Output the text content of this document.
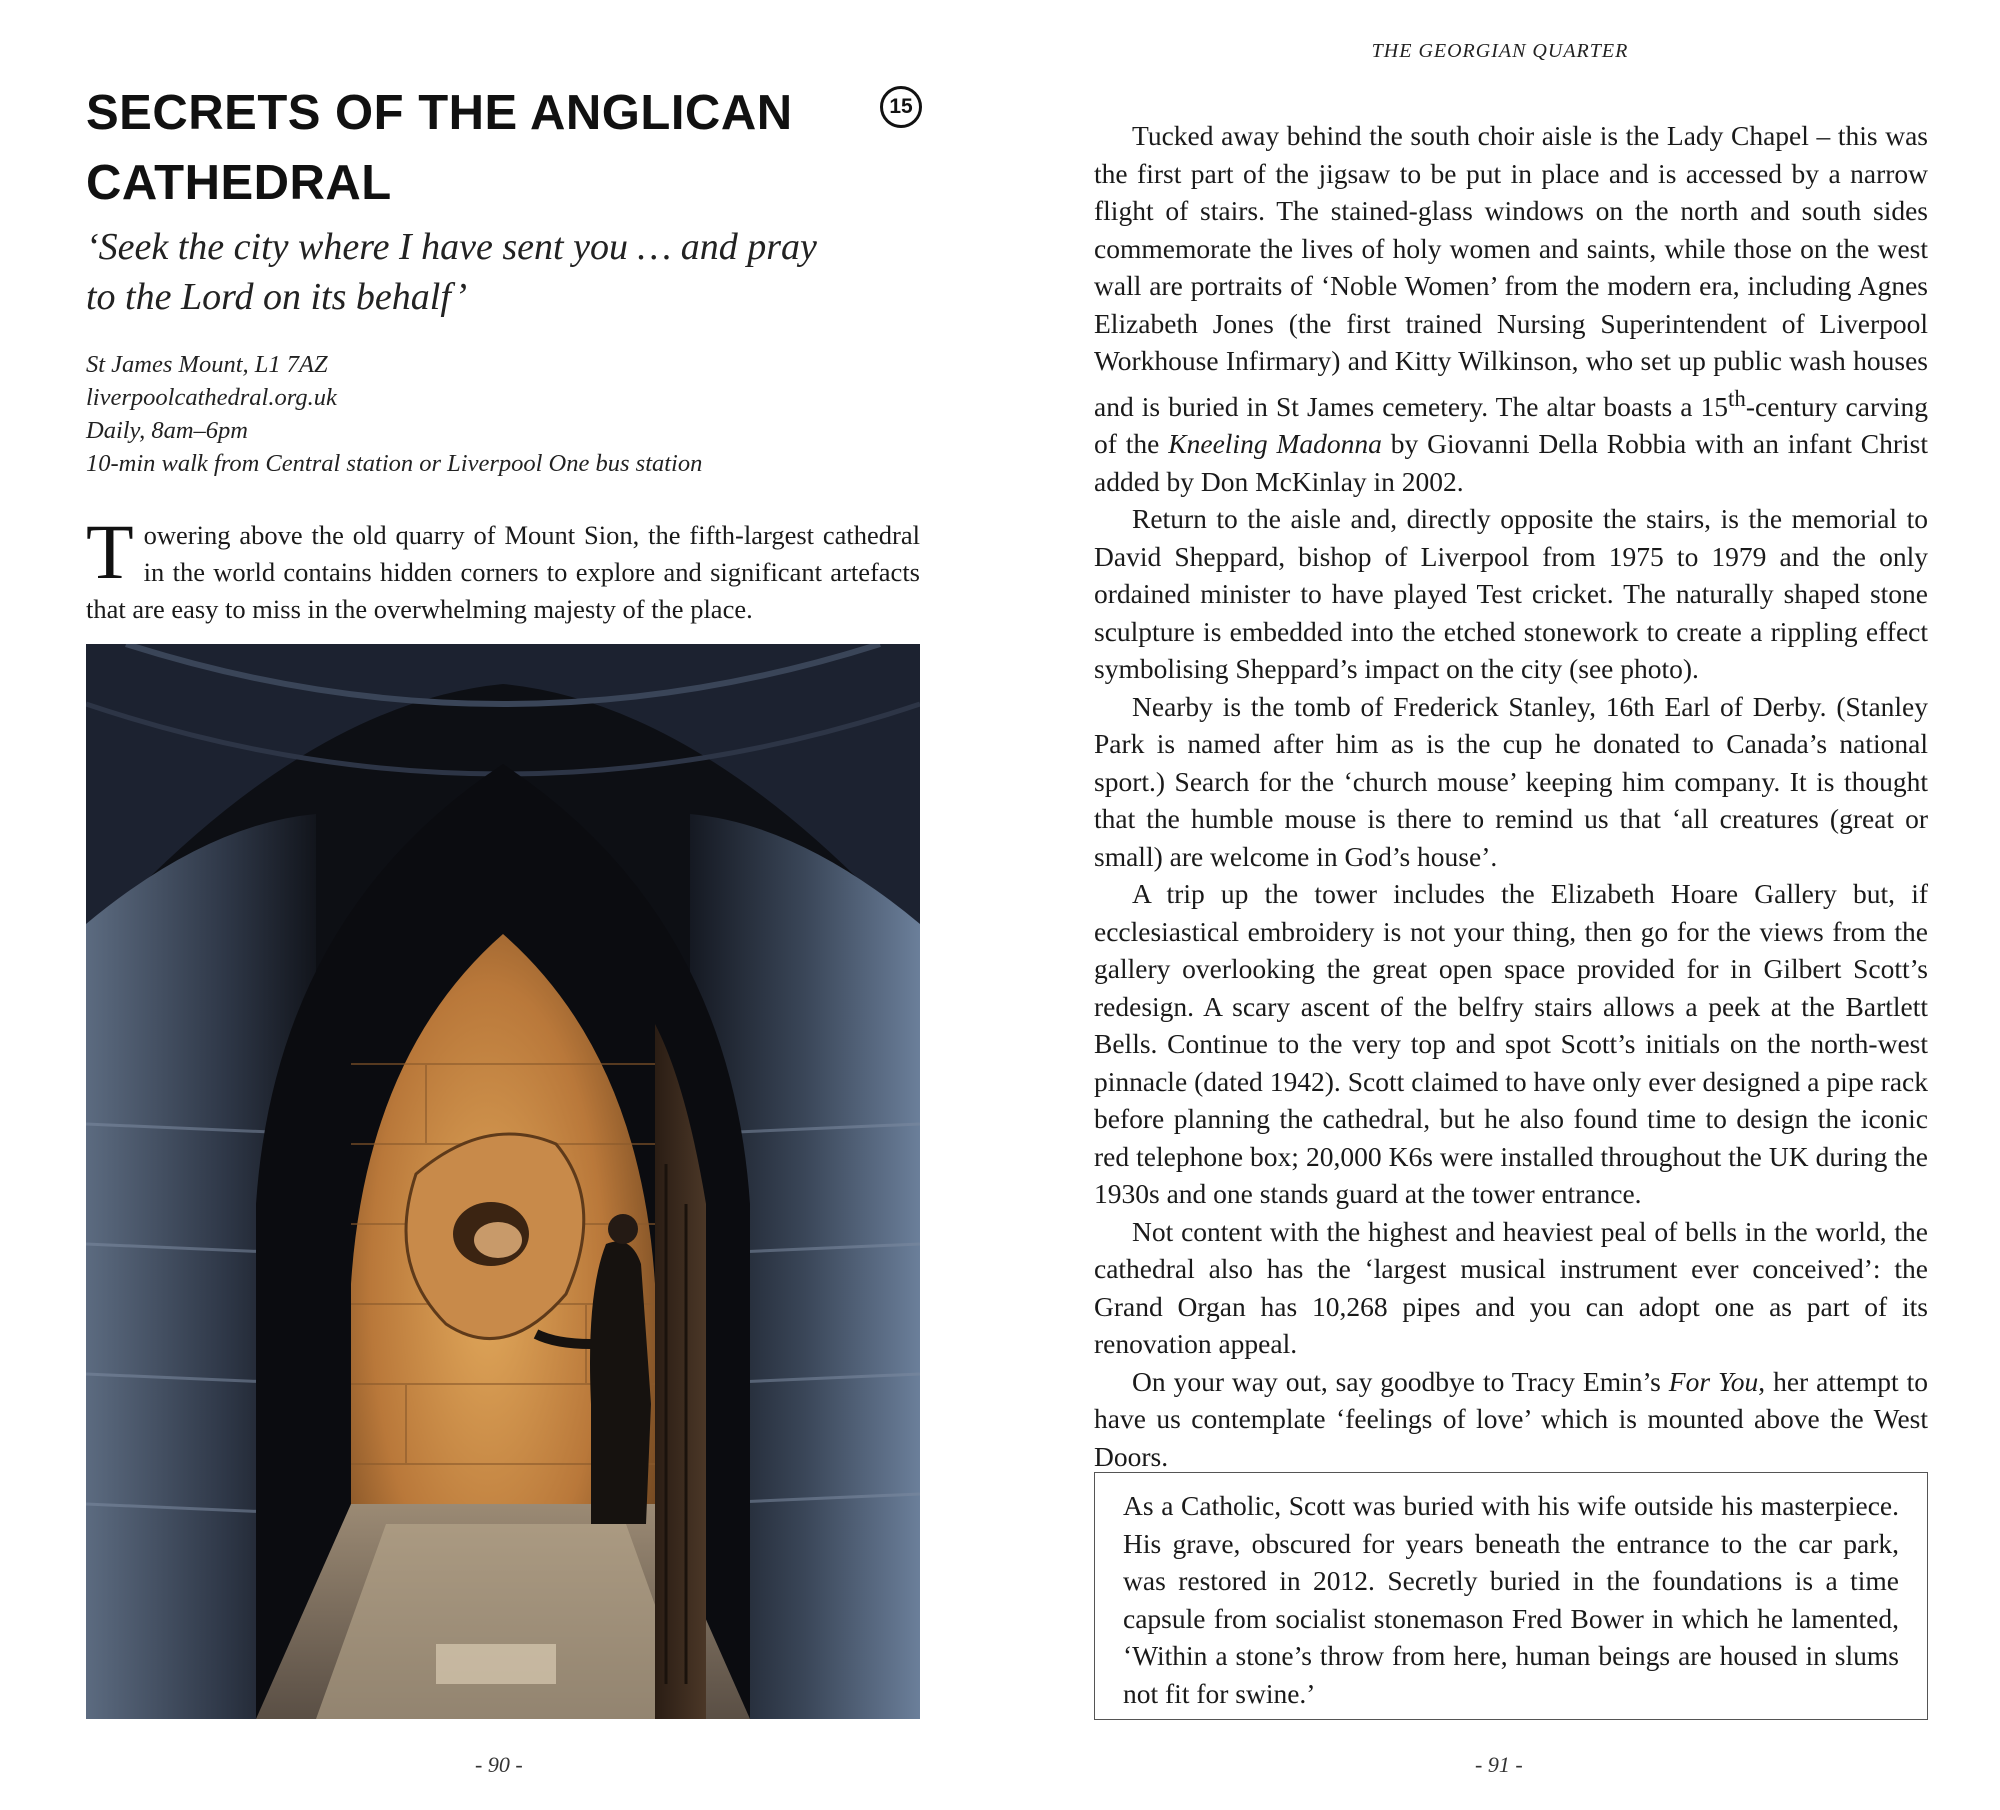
SECRETS OF THE ANGLICAN
CATHEDRAL
15

‘Seek the city where I have sent you … and pray
to the Lord on its behalf’

St James Mount, L1 7AZ
liverpoolcathedral.org.uk
Daily, 8am–6pm
10-min walk from Central station or Liverpool One bus station

Towering above the old quarry of Mount Sion, the fifth-largest cathedral in the world contains hidden corners to explore and significant artefacts that are easy to miss in the overwhelming majesty of the place.

- 90 -
THE GEORGIAN QUARTER

Tucked away behind the south choir aisle is the Lady Chapel – this was the first part of the jigsaw to be put in place and is accessed by a narrow flight of stairs. The stained-glass windows on the north and south sides commemorate the lives of holy women and saints, while those on the west wall are portraits of ‘Noble Women’ from the modern era, including Agnes Elizabeth Jones (the first trained Nursing Superintendent of Liverpool Workhouse Infirmary) and Kitty Wilkinson, who set up public wash houses and is buried in St James cemetery. The altar boasts a 15th-century carving of the Kneeling Madonna by Giovanni Della Robbia with an infant Christ added by Don McKinlay in 2002.

Return to the aisle and, directly opposite the stairs, is the memorial to David Sheppard, bishop of Liverpool from 1975 to 1979 and the only ordained minister to have played Test cricket. The naturally shaped stone sculpture is embedded into the etched stonework to create a rippling effect symbolising Sheppard’s impact on the city (see photo).

Nearby is the tomb of Frederick Stanley, 16th Earl of Derby. (Stanley Park is named after him as is the cup he donated to Canada’s national sport.) Search for the ‘church mouse’ keeping him company. It is thought that the humble mouse is there to remind us that ‘all creatures (great or small) are welcome in God’s house’.

A trip up the tower includes the Elizabeth Hoare Gallery but, if ecclesiastical embroidery is not your thing, then go for the views from the gallery overlooking the great open space provided for in Gilbert Scott’s redesign. A scary ascent of the belfry stairs allows a peek at the Bartlett Bells. Continue to the very top and spot Scott’s initials on the north-west pinnacle (dated 1942). Scott claimed to have only ever designed a pipe rack before planning the cathedral, but he also found time to design the iconic red telephone box; 20,000 K6s were installed throughout the UK during the 1930s and one stands guard at the tower entrance.

Not content with the highest and heaviest peal of bells in the world, the cathedral also has the ‘largest musical instrument ever conceived’: the Grand Organ has 10,268 pipes and you can adopt one as part of its renovation appeal.

On your way out, say goodbye to Tracy Emin’s For You, her attempt to have us contemplate ‘feelings of love’ which is mounted above the West Doors.

As a Catholic, Scott was buried with his wife outside his masterpiece. His grave, obscured for years beneath the entrance to the car park, was restored in 2012. Secretly buried in the foundations is a time capsule from socialist stonemason Fred Bower in which he lamented, ‘Within a stone’s throw from here, human beings are housed in slums not fit for swine.’

- 91 -
